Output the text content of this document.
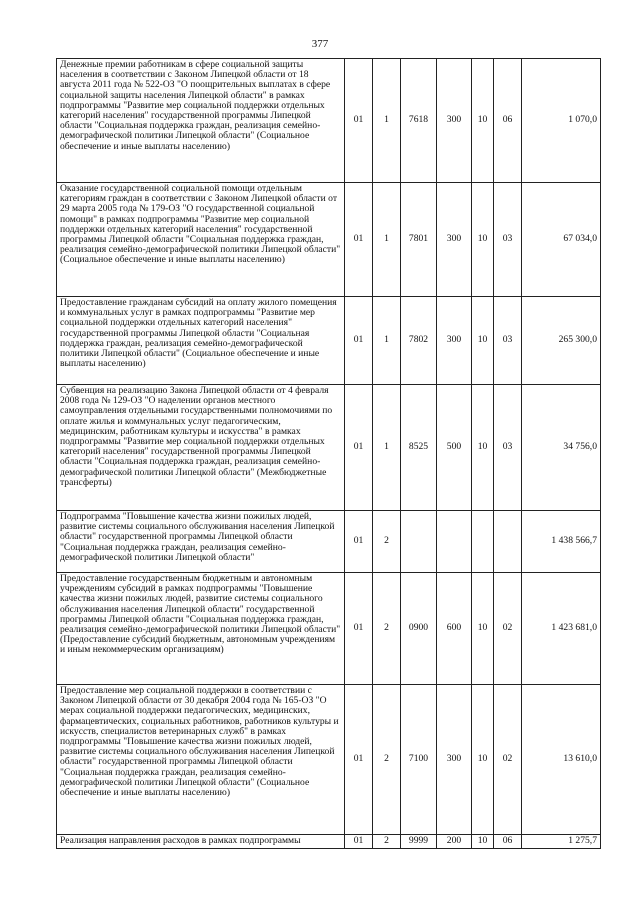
377
Денежные премии работникам в сфере социальной защиты населения в соответствии с Законом Липецкой области от 18 августа 2011 года № 522-ОЗ "О поощрительных выплатах в сфере социальной защиты населения Липецкой области" в рамках подпрограммы "Развитие мер социальной поддержки отдельных категорий населения" государственной программы Липецкой области "Социальная поддержка граждан, реализация семейно-демографической политики Липецкой области" (Социальное обеспечение и иные выплаты населению)	01	1	7618	300	10	06	1 070,0
Оказание государственной социальной помощи отдельным категориям граждан в соответствии с Законом Липецкой области от 29 марта 2005 года № 179-ОЗ "О государственной социальной помощи" в рамках подпрограммы "Развитие мер социальной поддержки отдельных категорий населения" государственной программы Липецкой области "Социальная поддержка граждан, реализация семейно-демографической политики Липецкой области" (Социальное обеспечение и иные выплаты населению)	01	1	7801	300	10	03	67 034,0
Предоставление гражданам субсидий на оплату жилого помещения и коммунальных услуг в рамках подпрограммы "Развитие мер социальной поддержки отдельных категорий населения" государственной программы Липецкой области "Социальная поддержка граждан, реализация семейно-демографической политики Липецкой области" (Социальное обеспечение и иные выплаты населению)	01	1	7802	300	10	03	265 300,0
Субвенция на реализацию Закона Липецкой области от 4 февраля 2008 года № 129-ОЗ "О наделении органов местного самоуправления отдельными государственными полномочиями по оплате жилья и коммунальных услуг педагогическим, медицинским, работникам культуры и искусства" в рамках подпрограммы "Развитие мер социальной поддержки отдельных категорий населения" государственной программы Липецкой области "Социальная поддержка граждан, реализация семейно-демографической политики Липецкой области" (Межбюджетные трансферты)	01	1	8525	500	10	03	34 756,0
Подпрограмма "Повышение качества жизни пожилых людей, развитие системы социального обслуживания населения Липецкой области" государственной программы Липецкой области "Социальная поддержка граждан, реализация семейно-демографической политики Липецкой области"	01	2					1 438 566,7
Предоставление государственным бюджетным и автономным учреждениям субсидий в рамках подпрограммы "Повышение качества жизни пожилых людей, развитие системы социального обслуживания населения Липецкой области" государственной программы Липецкой области "Социальная поддержка граждан, реализация семейно-демографической политики Липецкой области" (Предоставление субсидий бюджетным, автономным учреждениям и иным некоммерческим организациям)	01	2	0900	600	10	02	1 423 681,0
Предоставление мер социальной поддержки в соответствии с Законом Липецкой области от 30 декабря 2004 года № 165-ОЗ "О мерах социальной поддержки педагогических, медицинских, фармацевтических, социальных работников, работников культуры и искусств, специалистов ветеринарных служб" в рамках подпрограммы "Повышение качества жизни пожилых людей, развитие системы социального обслуживания населения Липецкой области" государственной программы Липецкой области "Социальная поддержка граждан, реализация семейно-демографической политики Липецкой области" (Социальное обеспечение и иные выплаты населению)	01	2	7100	300	10	02	13 610,0
Реализация направления расходов в рамках подпрограммы	01	2	9999	200	10	06	1 275,7
